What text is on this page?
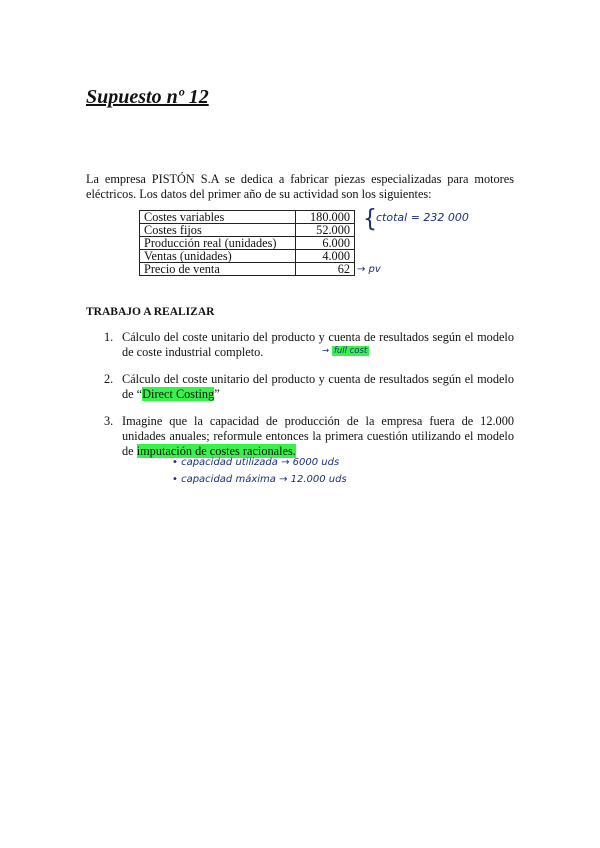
Supuesto nº 12
La empresa PISTÓN S.A se dedica a fabricar piezas especializadas para motores eléctricos. Los datos del primer año de su actividad son los siguientes:
Costes variables	180.000
Costes fijos	52.000
Producción real (unidades)	6.000
Ventas (unidades)	4.000
Precio de venta	62
{ ctotal = 232 000
→ pv
TRABAJO A REALIZAR
1. Cálculo del coste unitario del producto y cuenta de resultados según el modelo de coste industrial completo.
2. Cálculo del coste unitario del producto y cuenta de resultados según el modelo de “Direct Costing”
3. Imagine que la capacidad de producción de la empresa fuera de 12.000 unidades anuales; reformule entonces la primera cuestión utilizando el modelo de imputación de costes racionales.
→ full cost
• capacidad utilizada → 6000 uds
• capacidad máxima → 12.000 uds
